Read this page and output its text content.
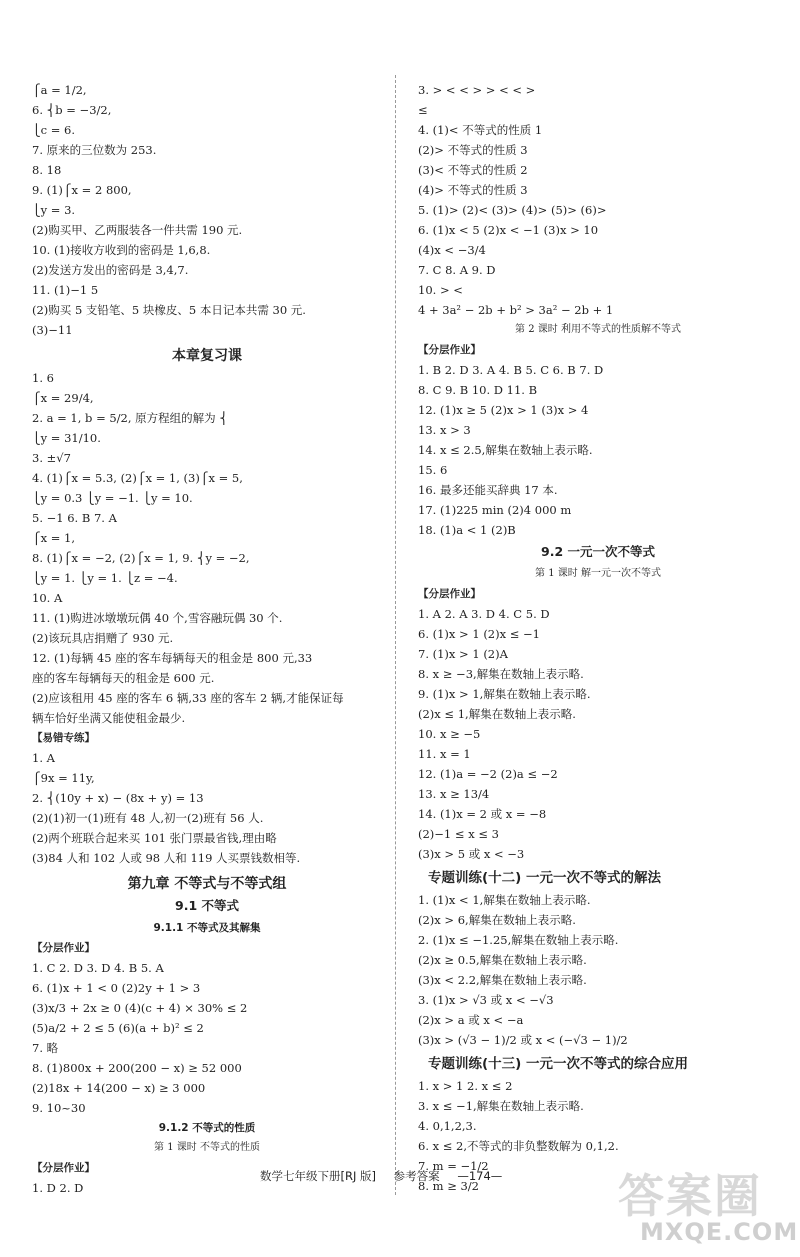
⎧a = 1/2,
6. ⎨b = −3/2,
⎩c = 6.
7. 原来的三位数为 253.
8. 18
9. (1)⎧x = 2 800,
⎩y = 3.
(2)购买甲、乙两服装各一件共需 190 元.
10. (1)接收方收到的密码是 1,6,8.
(2)发送方发出的密码是 3,4,7.
11. (1)−1 5
(2)购买 5 支铅笔、5 块橡皮、5 本日记本共需 30 元.
(3)−11
本章复习课
1. 6
⎧x = 29/4,
2. a = 1, b = 5/2, 原方程组的解为 ⎨
⎩y = 31/10.
3. ±√7
4. (1)⎧x = 5.3, (2)⎧x = 1, (3)⎧x = 5,
⎩y = 0.3 ⎩y = −1. ⎩y = 10.
5. −1 6. B 7. A
⎧x = 1,
8. (1)⎧x = −2, (2)⎧x = 1, 9. ⎨y = −2,
⎩y = 1. ⎩y = 1. ⎩z = −4.
10. A
11. (1)购进冰墩墩玩偶 40 个,雪容融玩偶 30 个.
(2)该玩具店捐赠了 930 元.
12. (1)每辆 45 座的客车每辆每天的租金是 800 元,33
座的客车每辆每天的租金是 600 元.
(2)应该租用 45 座的客车 6 辆,33 座的客车 2 辆,才能保证每
辆车恰好坐满又能使租金最少.
【易错专练】
1. A
⎧9x = 11y,
2. ⎨(10y + x) − (8x + y) = 13
(2)(1)初一(1)班有 48 人,初一(2)班有 56 人.
(2)两个班联合起来买 101 张门票最省钱,理由略
(3)84 人和 102 人或 98 人和 119 人买票钱数相等.
第九章 不等式与不等式组
9.1 不等式
9.1.1 不等式及其解集
【分层作业】
1. C 2. D 3. D 4. B 5. A
6. (1)x + 1 < 0 (2)2y + 1 > 3
(3)x/3 + 2x ≥ 0 (4)(c + 4) × 30% ≤ 2
(5)a/2 + 2 ≤ 5 (6)(a + b)² ≤ 2
7. 略
8. (1)800x + 200(200 − x) ≥ 52 000
(2)18x + 14(200 − x) ≥ 3 000
9. 10~30
9.1.2 不等式的性质
第 1 课时 不等式的性质
【分层作业】
1. D 2. D
3. > < < > > < < >
≤
4. (1)< 不等式的性质 1
(2)> 不等式的性质 3
(3)< 不等式的性质 2
(4)> 不等式的性质 3
5. (1)> (2)< (3)> (4)> (5)> (6)>
6. (1)x < 5 (2)x < −1 (3)x > 10
(4)x < −3/4
7. C 8. A 9. D
10. > <
4 + 3a² − 2b + b² > 3a² − 2b + 1
第 2 课时 利用不等式的性质解不等式
【分层作业】
1. B 2. D 3. A 4. B 5. C 6. B 7. D
8. C 9. B 10. D 11. B
12. (1)x ≥ 5 (2)x > 1 (3)x > 4
13. x > 3
14. x ≤ 2.5,解集在数轴上表示略.
15. 6
16. 最多还能买辞典 17 本.
17. (1)225 min (2)4 000 m
18. (1)a < 1 (2)B
9.2 一元一次不等式
第 1 课时 解一元一次不等式
【分层作业】
1. A 2. A 3. D 4. C 5. D
6. (1)x > 1 (2)x ≤ −1
7. (1)x > 1 (2)A
8. x ≥ −3,解集在数轴上表示略.
9. (1)x > 1,解集在数轴上表示略.
(2)x ≤ 1,解集在数轴上表示略.
10. x ≥ −5
11. x = 1
12. (1)a = −2 (2)a ≤ −2
13. x ≥ 13/4
14. (1)x = 2 或 x = −8
(2)−1 ≤ x ≤ 3
(3)x > 5 或 x < −3
专题训练(十二) 一元一次不等式的解法
1. (1)x < 1,解集在数轴上表示略.
(2)x > 6,解集在数轴上表示略.
2. (1)x ≤ −1.25,解集在数轴上表示略.
(2)x ≥ 0.5,解集在数轴上表示略.
(3)x < 2.2,解集在数轴上表示略.
3. (1)x > √3 或 x < −√3
(2)x > a 或 x < −a
(3)x > (√3 − 1)/2 或 x < (−√3 − 1)/2
专题训练(十三) 一元一次不等式的综合应用
1. x > 1 2. x ≤ 2
3. x ≤ −1,解集在数轴上表示略.
4. 0,1,2,3.
6. x ≤ 2,不等式的非负整数解为 0,1,2.
7. m = −1/2
8. m ≥ 3/2
数学七年级下册[RJ 版] 参考答案 —174—	答案圈
MXQE.COM
